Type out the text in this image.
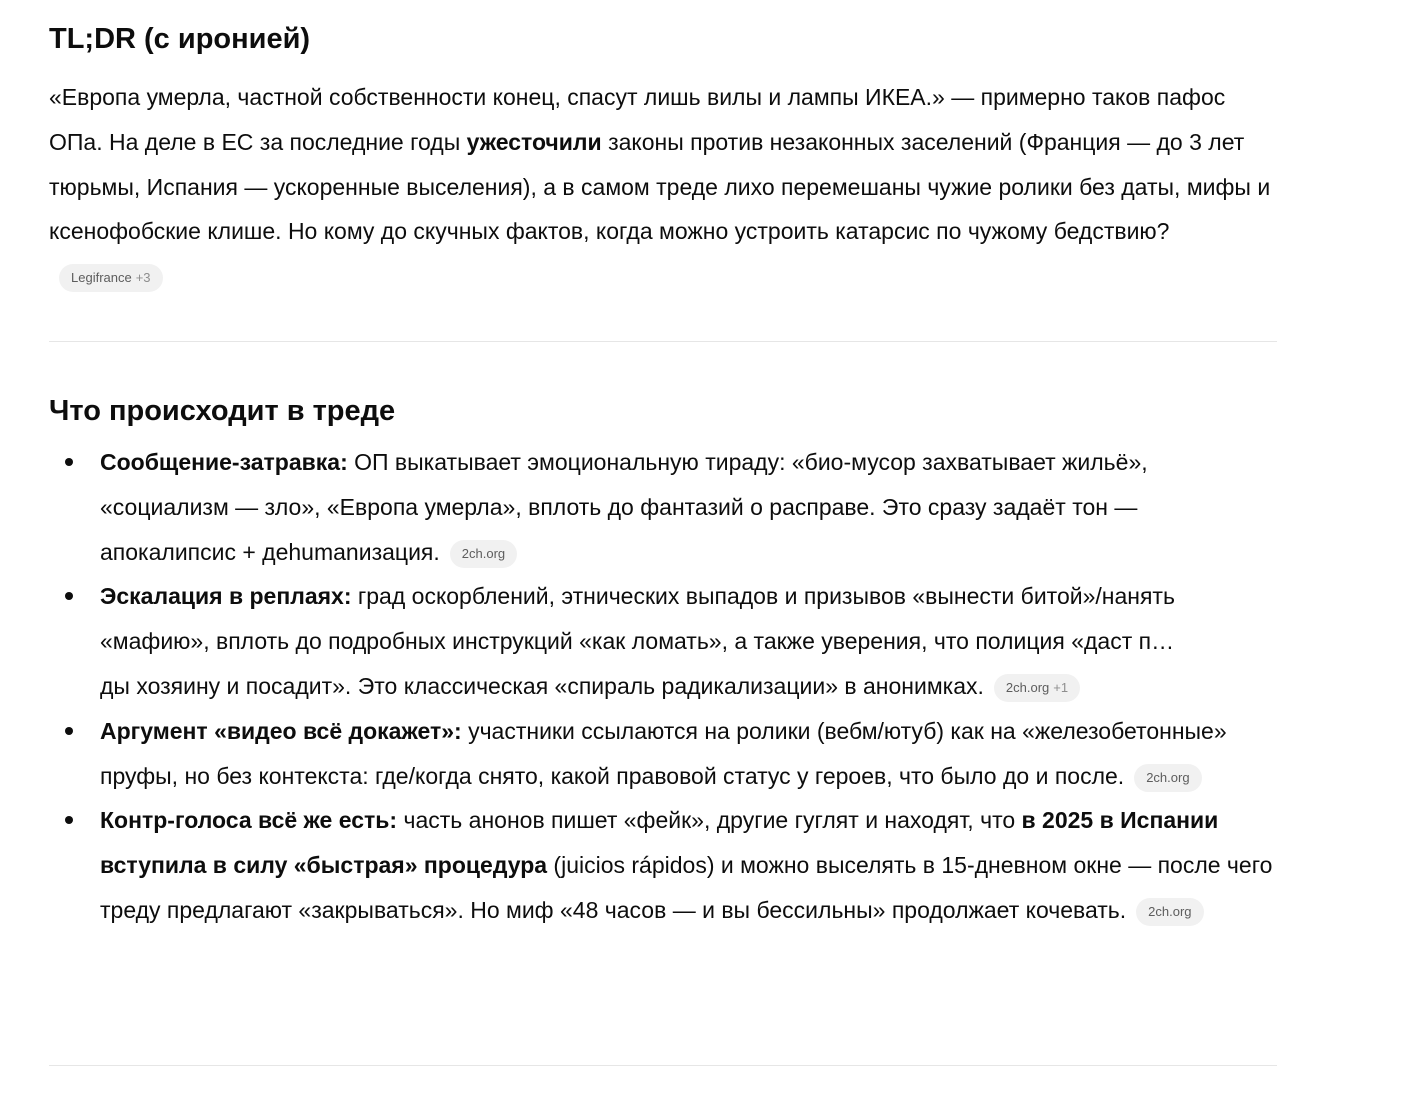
TL;DR (с иронией)

«Европа умерла, частной собственности конец, спасут лишь вилы и лампы ИКЕА.» — примерно таков пафос ОПа. На деле в ЕС за последние годы ужесточили законы против незаконных заселений (Франция — до 3 лет тюрьмы, Испания — ускоренные выселения), а в самом треде лихо перемешаны чужие ролики без даты, мифы и ксенофобские клише. Но кому до скучных фактов, когда можно устроить катарсис по чужому бедствию?Legifrance +3

Что происходит в треде
Сообщение-затравка: ОП выкатывает эмоциональную тираду: «био-мусор захватывает жильё», «социализм — зло», «Европа умерла», вплоть до фантазий о расправе. Это сразу задаёт тон — апокалипсис + деhumanизация. 2ch.org
Эскалация в реплаях: град оскорблений, этнических выпадов и призывов «вынести битой»/нанять «мафию», вплоть до подробных инструкций «как ломать», а также уверения, что полиция «даст п…
ды хозяину и посадит». Это классическая «спираль радикализации» в анонимках. 2ch.org +1
Аргумент «видео всё докажет»: участники ссылаются на ролики (вебм/ютуб) как на «железобетонные» пруфы, но без контекста: где/когда снято, какой правовой статус у героев, что было до и после. 2ch.org
Контр-голоса всё же есть: часть анонов пишет «фейк», другие гуглят и находят, что в 2025 в Испании вступила в силу «быстрая» процедура (juicios rápidos) и можно выселять в 15-дневном окне — после чего треду предлагают «закрываться». Но миф «48 часов — и вы бессильны» продолжает кочевать. 2ch.org
